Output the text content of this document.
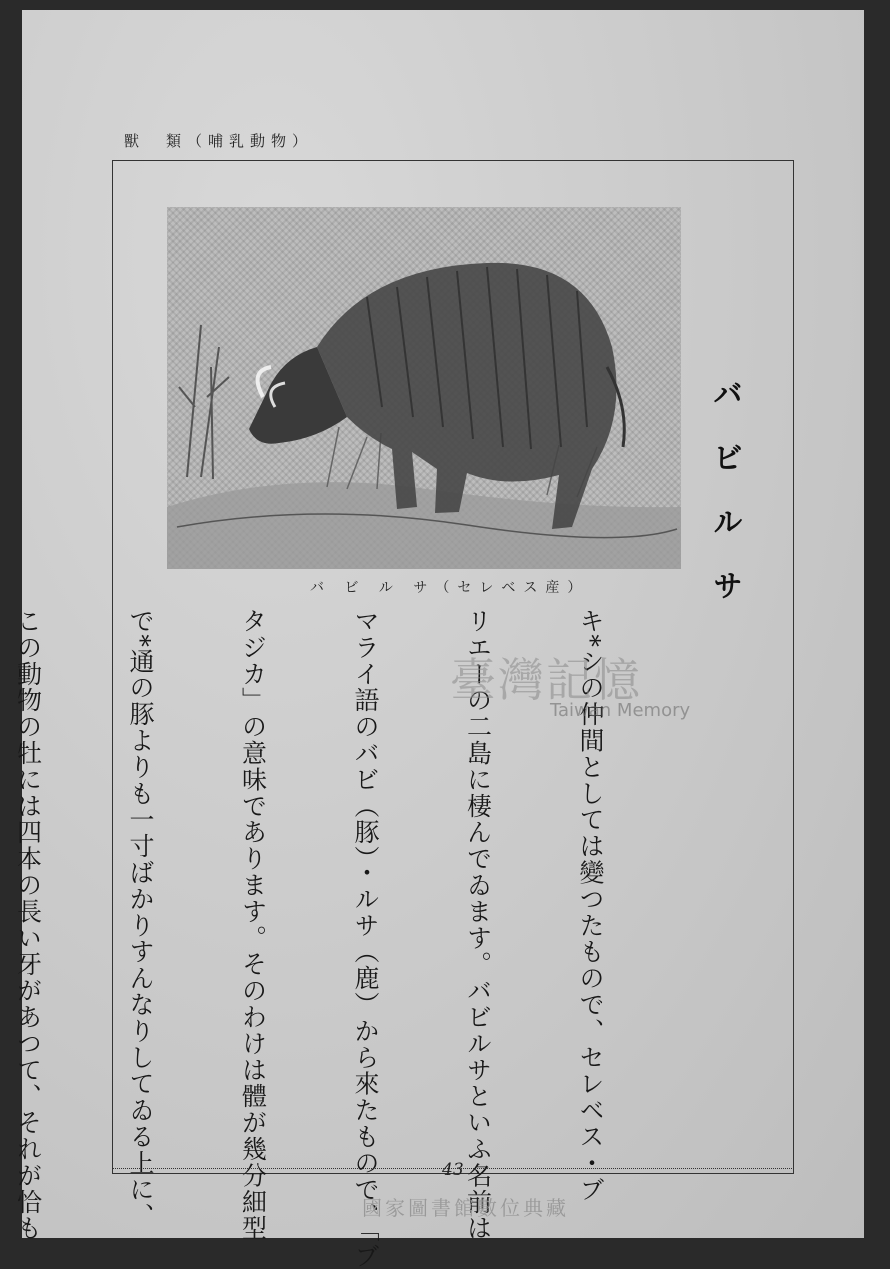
獸　類（哺乳動物）
バ ビ ル サ（セレベス産）	バビルサ

キ*シの仲間としては變つたもので、セレベス・ブ

リエーの二島に棲んでゐます。バビルサといふ名前は

マライ語のバビ（豚）・ルサ（鹿）から來たもので、「ブ

タジカ」の意味であります。そのわけは體が幾分細型

で*通の豚よりも一寸ばかりすんなりしてゐる上に、

この動物の牡には四本の長い牙があつて、それが恰も

	臺灣記憶
Taiwan Memory
43
國家圖書館數位典藏
